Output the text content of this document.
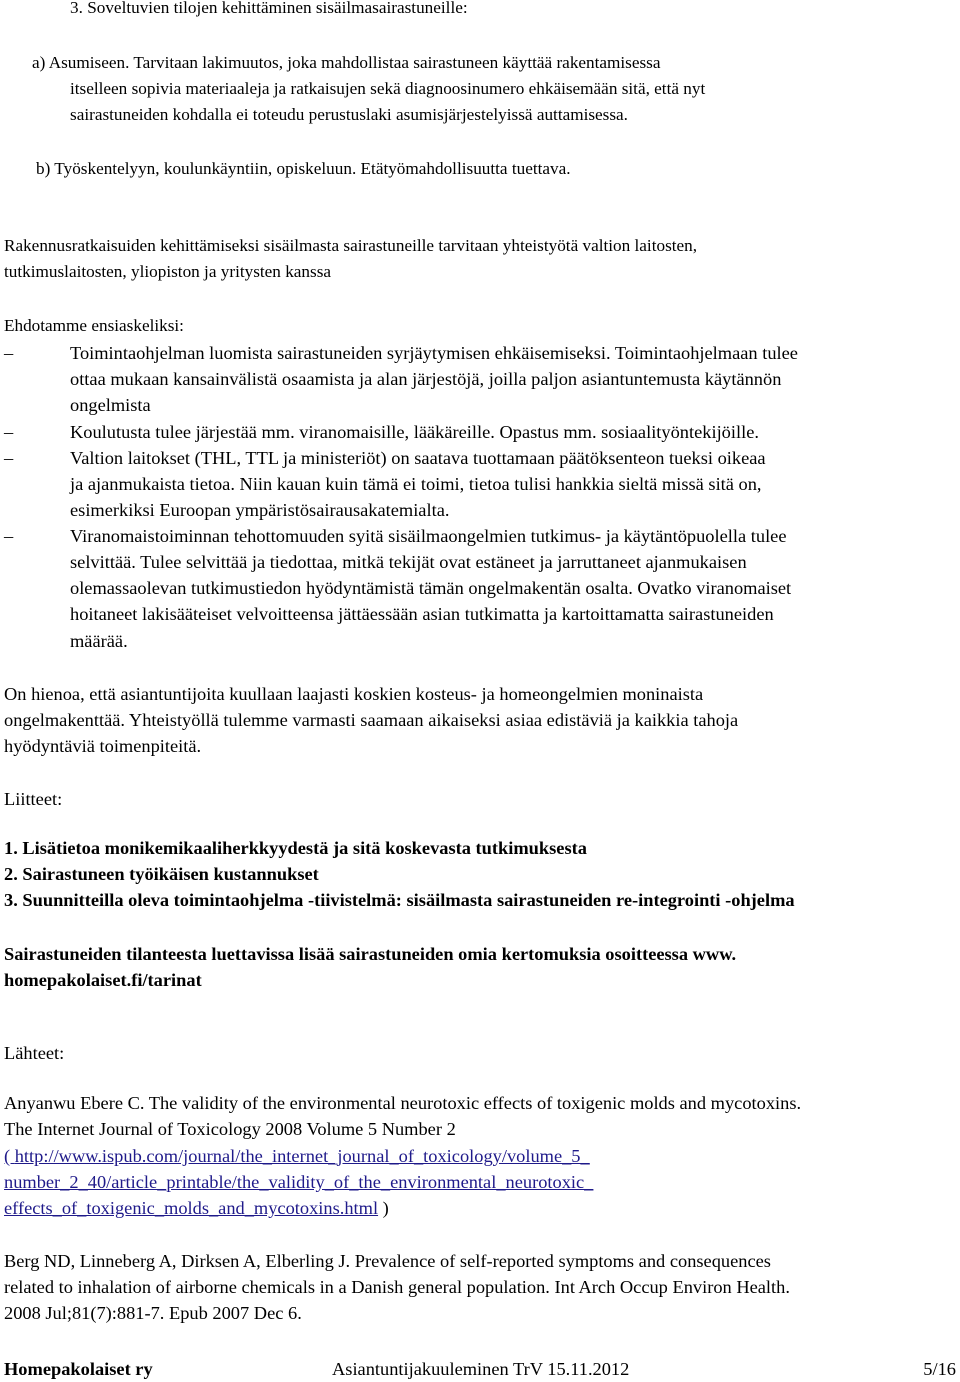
3. Soveltuvien tilojen kehittäminen sisäilmasairastuneille:
a) Asumiseen. Tarvitaan lakimuutos, joka mahdollistaa sairastuneen käyttää rakentamisessa
itselleen sopivia materiaaleja ja ratkaisujen sekä diagnoosinumero ehkäisemään sitä, että nyt
sairastuneiden kohdalla ei toteudu perustuslaki asumisjärjestelyissä auttamisessa.
b) Työskentelyyn, koulunkäyntiin, opiskeluun. Etätyömahdollisuutta tuettava.
Rakennusratkaisuiden kehittämiseksi sisäilmasta sairastuneille tarvitaan yhteistyötä valtion laitosten,
tutkimuslaitosten, yliopiston ja yritysten kanssa
Ehdotamme ensiaskeliksi:
–	Toimintaohjelman luomista sairastuneiden syrjäytymisen ehkäisemiseksi. Toimintaohjelmaan tulee
ottaa mukaan kansainvälistä osaamista ja alan järjestöjä, joilla paljon asiantuntemusta käytännön
ongelmista
–	Koulutusta tulee järjestää mm. viranomaisille, lääkäreille. Opastus mm. sosiaalityöntekijöille.
–	Valtion laitokset (THL, TTL ja ministeriöt) on saatava tuottamaan päätöksenteon tueksi oikeaa
ja ajanmukaista tietoa. Niin kauan kuin tämä ei toimi, tietoa tulisi hankkia sieltä missä sitä on,
esimerkiksi Euroopan ympäristösairausakatemialta.
–	Viranomaistoiminnan tehottomuuden syitä sisäilmaongelmien tutkimus- ja käytäntöpuolella tulee
selvittää. Tulee selvittää ja tiedottaa, mitkä tekijät ovat estäneet ja jarruttaneet ajanmukaisen
olemassaolevan tutkimustiedon hyödyntämistä tämän ongelmakentän osalta. Ovatko viranomaiset
hoitaneet lakisääteiset velvoitteensa jättäessään asian tutkimatta ja kartoittamatta sairastuneiden
määrää.
On hienoa, että asiantuntijoita kuullaan laajasti koskien kosteus- ja homeongelmien moninaista
ongelmakenttää. Yhteistyöllä tulemme varmasti saamaan aikaiseksi asiaa edistäviä ja kaikkia tahoja
hyödyntäviä toimenpiteitä.
Liitteet:
1. Lisätietoa monikemikaaliherkkyydestä ja sitä koskevasta tutkimuksesta
2. Sairastuneen työikäisen kustannukset
3. Suunnitteilla oleva toimintaohjelma -tiivistelmä: sisäilmasta sairastuneiden re-integrointi -ohjelma
Sairastuneiden tilanteesta luettavissa lisää sairastuneiden omia kertomuksia osoitteessa www.
homepakolaiset.fi/tarinat
Lähteet:
Anyanwu Ebere C. The validity of the environmental neurotoxic effects of toxigenic molds and mycotoxins.
The Internet Journal of Toxicology 2008 Volume 5 Number 2
( http://www.ispub.com/journal/the_internet_journal_of_toxicology/volume_5_
number_2_40/article_printable/the_validity_of_the_environmental_neurotoxic_
effects_of_toxigenic_molds_and_mycotoxins.html )
Berg ND, Linneberg A, Dirksen A, Elberling J. Prevalence of self-reported symptoms and consequences
related to inhalation of airborne chemicals in a Danish general population. Int Arch Occup Environ Health.
2008 Jul;81(7):881-7. Epub 2007 Dec 6.
Homepakolaiset ry	Asiantuntijakuuleminen TrV 15.11.2012	5/16
